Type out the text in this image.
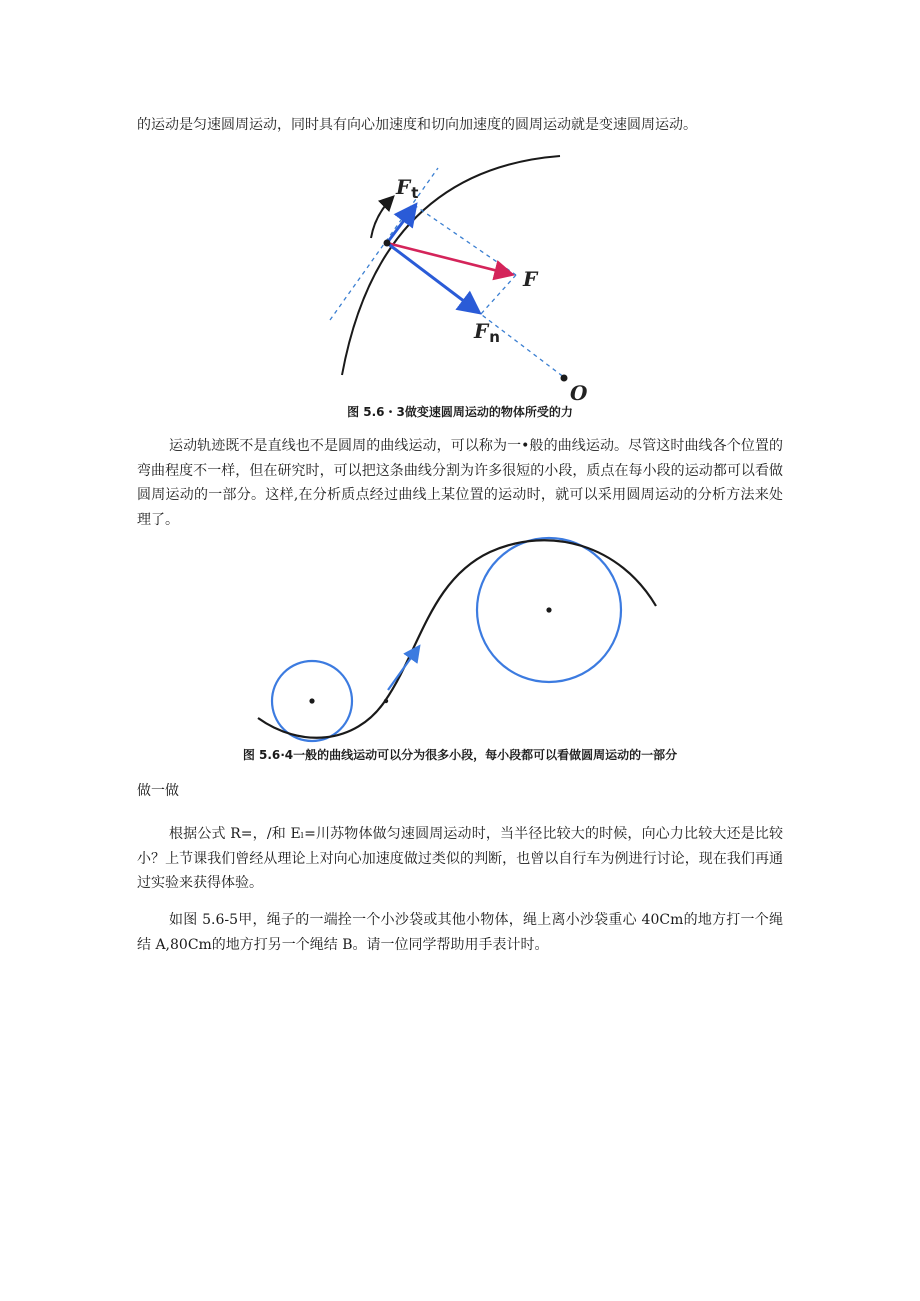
的运动是匀速圆周运动，同时具有向心加速度和切向加速度的圆周运动就是变速圆周运动。

$F_t$
F
$F_n$
O

图 5.6・3做变速圆周运动的物体所受的力

运动轨迹既不是直线也不是圆周的曲线运动，可以称为一•般的曲线运动。尽管这时曲线各个位置的弯曲程度不一样，但在研究时，可以把这条曲线分割为许多很短的小段，质点在每小段的运动都可以看做圆周运动的一部分。这样,在分析质点经过曲线上某位置的运动时，就可以采用圆周运动的分析方法来处理了。

图 5.6∙4一般的曲线运动可以分为很多小段，每小段都可以看做圆周运动的一部分

做一做

根据公式 R=，/和 Eₗ=川苏物体做匀速圆周运动时，当半径比较大的时候，向心力比较大还是比较小？上节课我们曾经从理论上对向心加速度做过类似的判断，也曾以自行车为例进行讨论，现在我们再通过实验来获得体验。

如图 5.6-5甲，绳子的一端拴一个小沙袋或其他小物体，绳上离小沙袋重心 40Cm的地方打一个绳结 A,80Cm的地方打另一个绳结 B。请一位同学帮助用手表计时。
